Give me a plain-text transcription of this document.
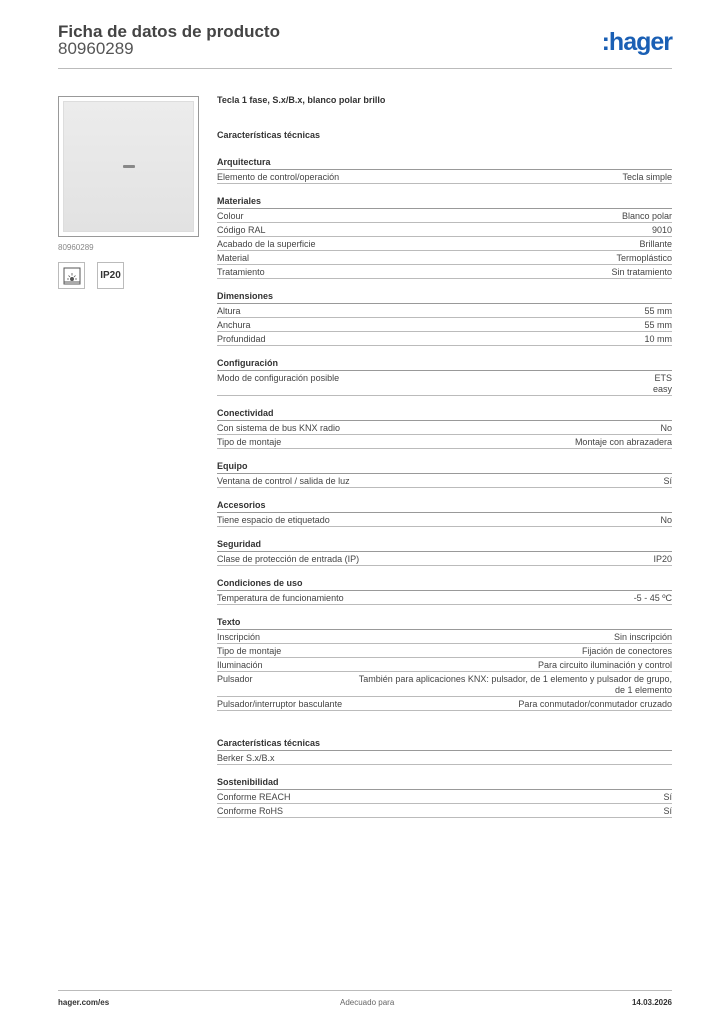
Ficha de datos de producto
80960289	:hager
80960289
IP20
Tecla 1 fase, S.x/B.x, blanco polar brillo
Características técnicas
Arquitectura
Elemento de control/operación	Tecla simple
Materiales
Colour	Blanco polar
Código RAL	9010
Acabado de la superficie	Brillante
Material	Termoplástico
Tratamiento	Sin tratamiento
Dimensiones
Altura	55 mm
Anchura	55 mm
Profundidad	10 mm
Configuración
Modo de configuración posible	ETS
easy
Conectividad
Con sistema de bus KNX radio	No
Tipo de montaje	Montaje con abrazadera
Equipo
Ventana de control / salida de luz	Sí
Accesorios
Tiene espacio de etiquetado	No
Seguridad
Clase de protección de entrada (IP)	IP20
Condiciones de uso
Temperatura de funcionamiento	-5 - 45 ºC
Texto
Inscripción	Sin inscripción
Tipo de montaje	Fijación de conectores
Iluminación	Para circuito iluminación y control
Pulsador	También para aplicaciones KNX: pulsador, de 1 elemento y pulsador de grupo, de 1 elemento
Pulsador/interruptor basculante	Para conmutador/conmutador cruzado
Características técnicas
Berker S.x/B.x
Sostenibilidad
Conforme REACH	Sí
Conforme RoHS	Sí
hager.com/es	Adecuado para	14.03.2026
